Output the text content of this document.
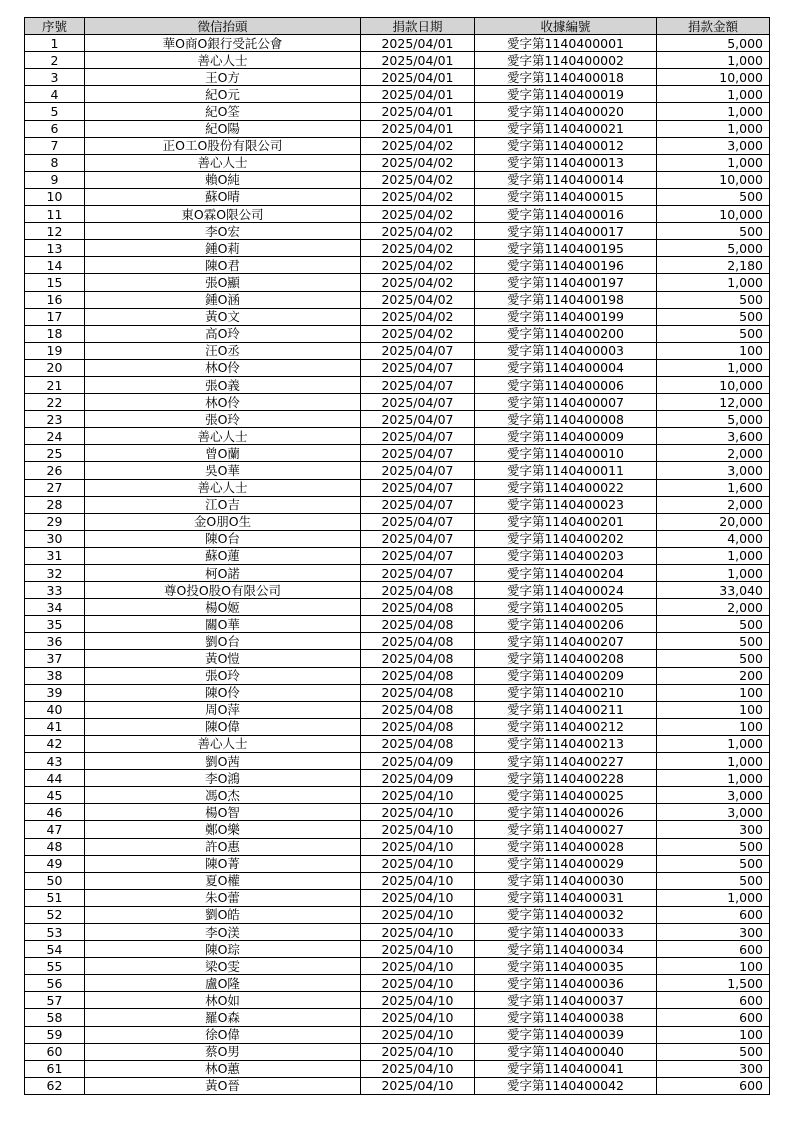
序號	徵信抬頭	捐款日期	收據編號	捐款金額
1	華O商O銀行受託公會	2025/04/01	愛字第1140400001	5,000
2	善心人士	2025/04/01	愛字第1140400002	1,000
3	王O方	2025/04/01	愛字第1140400018	10,000
4	紀O元	2025/04/01	愛字第1140400019	1,000
5	紀O筌	2025/04/01	愛字第1140400020	1,000
6	紀O陽	2025/04/01	愛字第1140400021	1,000
7	正O工O股份有限公司	2025/04/02	愛字第1140400012	3,000
8	善心人士	2025/04/02	愛字第1140400013	1,000
9	賴O純	2025/04/02	愛字第1140400014	10,000
10	蘇O晴	2025/04/02	愛字第1140400015	500
11	東O霖O限公司	2025/04/02	愛字第1140400016	10,000
12	李O宏	2025/04/02	愛字第1140400017	500
13	鍾O莉	2025/04/02	愛字第1140400195	5,000
14	陳O君	2025/04/02	愛字第1140400196	2,180
15	張O顯	2025/04/02	愛字第1140400197	1,000
16	鍾O涵	2025/04/02	愛字第1140400198	500
17	黃O文	2025/04/02	愛字第1140400199	500
18	高O玲	2025/04/02	愛字第1140400200	500
19	汪O丞	2025/04/07	愛字第1140400003	100
20	林O伶	2025/04/07	愛字第1140400004	1,000
21	張O義	2025/04/07	愛字第1140400006	10,000
22	林O伶	2025/04/07	愛字第1140400007	12,000
23	張O玲	2025/04/07	愛字第1140400008	5,000
24	善心人士	2025/04/07	愛字第1140400009	3,600
25	曾O蘭	2025/04/07	愛字第1140400010	2,000
26	吳O華	2025/04/07	愛字第1140400011	3,000
27	善心人士	2025/04/07	愛字第1140400022	1,600
28	江O吉	2025/04/07	愛字第1140400023	2,000
29	金O朋O生	2025/04/07	愛字第1140400201	20,000
30	陳O台	2025/04/07	愛字第1140400202	4,000
31	蘇O蓮	2025/04/07	愛字第1140400203	1,000
32	柯O諾	2025/04/07	愛字第1140400204	1,000
33	尊O投O股O有限公司	2025/04/08	愛字第1140400024	33,040
34	楊O姬	2025/04/08	愛字第1140400205	2,000
35	關O華	2025/04/08	愛字第1140400206	500
36	劉O台	2025/04/08	愛字第1140400207	500
37	黃O愷	2025/04/08	愛字第1140400208	500
38	張O玲	2025/04/08	愛字第1140400209	200
39	陳O伶	2025/04/08	愛字第1140400210	100
40	周O萍	2025/04/08	愛字第1140400211	100
41	陳O偉	2025/04/08	愛字第1140400212	100
42	善心人士	2025/04/08	愛字第1140400213	1,000
43	劉O茜	2025/04/09	愛字第1140400227	1,000
44	李O鴻	2025/04/09	愛字第1140400228	1,000
45	馮O杰	2025/04/10	愛字第1140400025	3,000
46	楊O智	2025/04/10	愛字第1140400026	3,000
47	鄭O樂	2025/04/10	愛字第1140400027	300
48	許O惠	2025/04/10	愛字第1140400028	500
49	陳O菁	2025/04/10	愛字第1140400029	500
50	夏O權	2025/04/10	愛字第1140400030	500
51	朱O蕾	2025/04/10	愛字第1140400031	1,000
52	劉O皓	2025/04/10	愛字第1140400032	600
53	李O渼	2025/04/10	愛字第1140400033	300
54	陳O琮	2025/04/10	愛字第1140400034	600
55	梁O雯	2025/04/10	愛字第1140400035	100
56	盧O隆	2025/04/10	愛字第1140400036	1,500
57	林O如	2025/04/10	愛字第1140400037	600
58	羅O森	2025/04/10	愛字第1140400038	600
59	徐O偉	2025/04/10	愛字第1140400039	100
60	蔡O男	2025/04/10	愛字第1140400040	500
61	林O蕙	2025/04/10	愛字第1140400041	300
62	黃O晉	2025/04/10	愛字第1140400042	600
